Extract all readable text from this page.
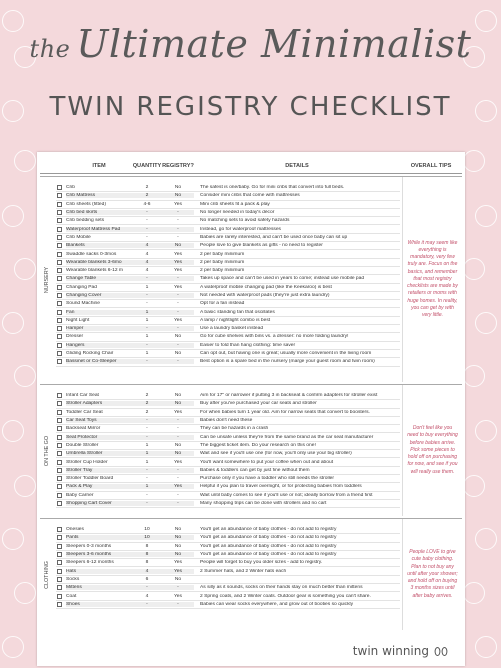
the Ultimate Minimalist
TWIN REGISTRY CHECKLIST
ITEM	QUANTITY REGISTRY?	DETAILS	OVERALL TIPS
NURSERY
Crib	2	No	The safest is one/baby. Go for mini cribs that convert into full beds.
Crib Mattress	2	No	Consider mini cribs that come with mattresses
Crib sheets (fitted)	4-6	Yes	Mini crib sheets fit a pack & play
Crib bed skirts	-	-	No longer needed in today's décor
Crib bedding sets	-	-	No matching sets to avoid safety hazards
Waterproof Mattress Pad	-	-	Instead, go for waterproof mattresses
Crib Mobile	-	-	Babies are rarely interested, and can't be used once baby can sit up
Blankets	4	No	People love to give blankets as gifts - no need to register
Swaddle sacks 0-3mos	4	Yes	2 per baby minimum
Wearable blankets 3-6mo	4	Yes	2 per baby minimum
Wearable blankets 6-12 m	4	Yes	2 per baby minimum
Change Table	-	-	Takes up space and can't be used in years to come; instead use mobile pad
Changing Pad	1	Yes	A waterproof mobile changing pad (like the Keekaroo) is best
Changing Cover	-	-	Not needed with waterproof pads (they're just extra laundry)
Sound Machine	-	-	Opt for a fan instead
Fan	1	-	A basic standing fan that oscillates
Night Light	1	Yes	A lamp / nightlight combo is best
Hamper	-	-	Use a laundry basket instead
Dresser	1	No	Go for cube shelves with bins vs. a dresser: no more folding laundry!
Hangers	-	-	Easier to fold than hang clothing: time saver
Gliding Rocking Chair	1	No	Can opt out, but having one is great; usually more convenient in the living room
Bassinet or Co-Sleeper	-	-	Best option is a spare bed in the nursery (marge your guest room and twin room)
While it may seem like everything is mandatory, very few truly are. Focus on the basics, and remember that most registry checklists are made by retailers or moms with huge homes. In reality, you can get by with very little.
ON THE GO
Infant Car Seat	2	No	Aim for 17" or narrower if putting 3 in backseat & confirm adapters for stroller exist
Stroller Adapters	2	No	Buy after you've purchased your car seats and stroller
Toddler Car Seat	2	Yes	For when babies turn 1 year old. Aim for narrow seats that convert to boosters.
Car Seat Toys	-	-	Babies don't need these
Backseat Mirror	-	-	They can be hazards in a crash
Seat Protector	-	-	Can be unsafe unless they're from the same brand as the car seat manufacturer
Double Stroller	1	No	The biggest ticket item. Do your research on this one!
Umbrella Stroller	1	No	Wait and see if you'll use one (for now, you'll only use your big stroller)
Stroller Cup Holder	1	Yes	You'll want somewhere to put your coffee when out and about
Stroller Tray	-	-	Babies & toddlers can get by just fine without them
Stroller Toddler Board	-	-	Purchase only if you have a toddler who still needs the stroller
Pack & Play	1	Yes	Helpful if you plan to travel overnight, or for protecting babies from toddlers
Baby Carrier	-	-	Wait until baby comes to see if you'll use or not; ideally borrow from a friend first
Shopping Cart Cover	-	-	Many shopping trips can be done with strollers and no cart
Don't feel like you need to buy everything before babies arrive. Pick some pieces to hold off on purchasing for now, and see if you will really use them.
CLOTHING
Onesies	10	No	You'll get an abundance of baby clothes - do not add to registry
Pants	10	No	You'll get an abundance of baby clothes - do not add to registry
Sleepers 0-3 months	8	No	You'll get an abundance of baby clothes - do not add to registry
Sleepers 3-6 months	8	No	You'll get an abundance of baby clothes - do not add to registry
Sleepers 6-12 months	8	Yes	People will forget to buy you older sizes - add to registry.
Hats	4	Yes	2 Summer hats, and 2 Winter hats each
Socks	6	No
Mittens	-	-	As silly as it sounds, socks on their hands stay on much better than mittens
Coat	4	Yes	2 Spring coats, and 2 Winter coats. Outdoor gear is something you can't share.
Shoes	-	-	Babies can wear socks everywhere, and grow out of booties so quickly
People LOVE to give cute baby clothing. Plan to not buy any until after your shower; and hold off on buying 3 months sizes until after baby arrives.
twin winning
